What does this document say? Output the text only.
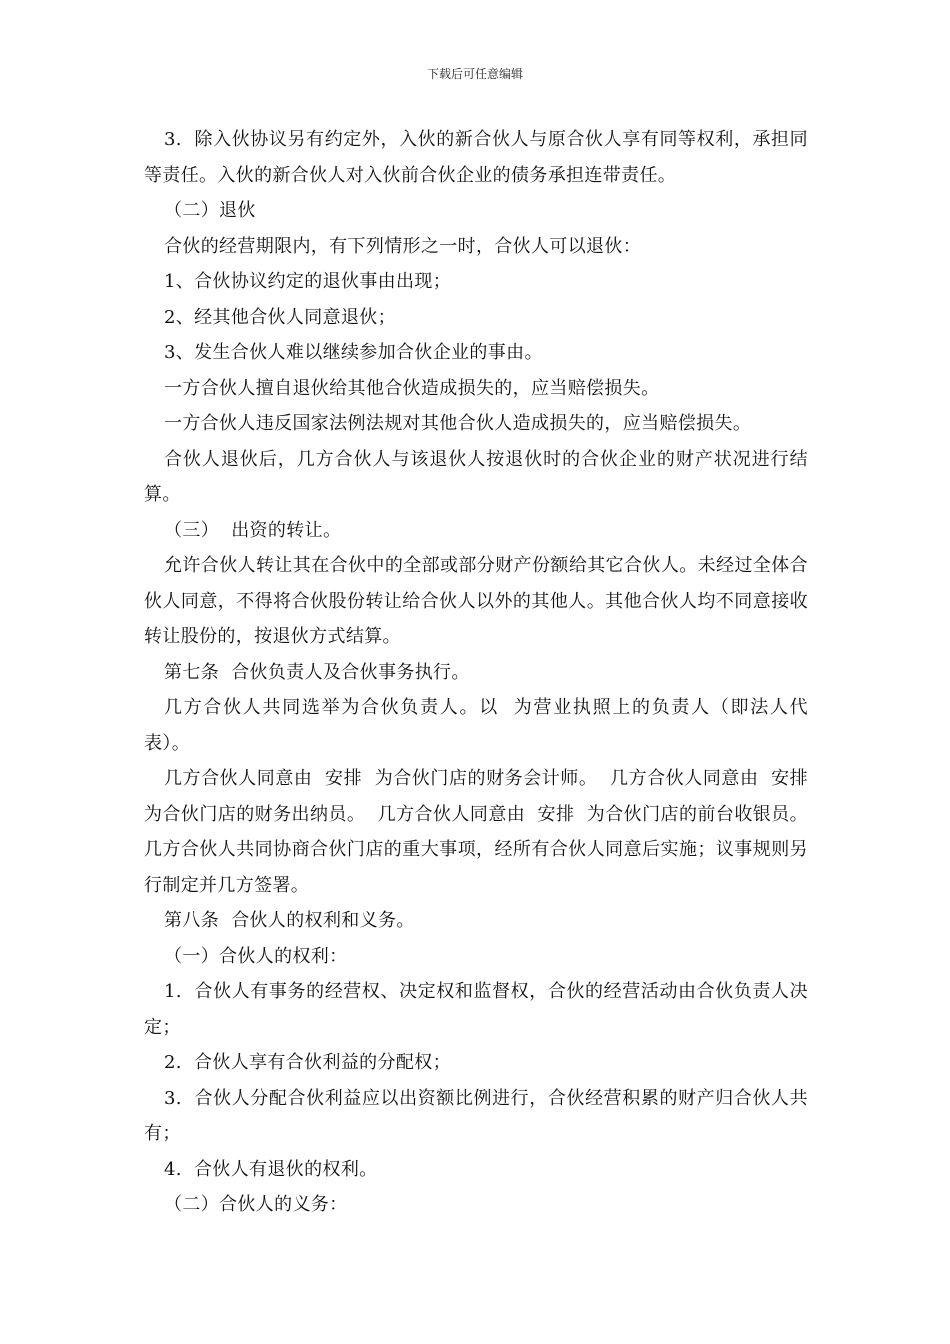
下载后可任意编辑

3.  除入伙协议另有约定外，入伙的新合伙人与原合伙人享有同等权利，承担同等责任。入伙的新合伙人对入伙前合伙企业的债务承担连带责任。

（二）退伙

合伙的经营期限内，有下列情形之一时，合伙人可以退伙：

1、合伙协议约定的退伙事由出现；

2、经其他合伙人同意退伙；

3、发生合伙人难以继续参加合伙企业的事由。

一方合伙人擅自退伙给其他合伙造成损失的，应当赔偿损失。

一方合伙人违反国家法例法规对其他合伙人造成损失的，应当赔偿损失。

合伙人退伙后，几方合伙人与该退伙人按退伙时的合伙企业的财产状况进行结算。

（三）  出资的转让。

允许合伙人转让其在合伙中的全部或部分财产份额给其它合伙人。未经过全体合伙人同意，不得将合伙股份转让给合伙人以外的其他人。其他合伙人均不同意接收转让股份的，按退伙方式结算。

第七条  合伙负责人及合伙事务执行。

几方合伙人共同选举为合伙负责人。以  为营业执照上的负责人（即法人代表）。

几方合伙人同意由  安排  为合伙门店的财务会计师。  几方合伙人同意由  安排  为合伙门店的财务出纳员。  几方合伙人同意由  安排  为合伙门店的前台收银员。  几方合伙人共同协商合伙门店的重大事项，经所有合伙人同意后实施；议事规则另行制定并几方签署。

第八条  合伙人的权利和义务。

（一）合伙人的权利：

1.  合伙人有事务的经营权、决定权和监督权，合伙的经营活动由合伙负责人决定；

2.  合伙人享有合伙利益的分配权；

3.  合伙人分配合伙利益应以出资额比例进行，合伙经营积累的财产归合伙人共有；

4.  合伙人有退伙的权利。

（二）合伙人的义务：
